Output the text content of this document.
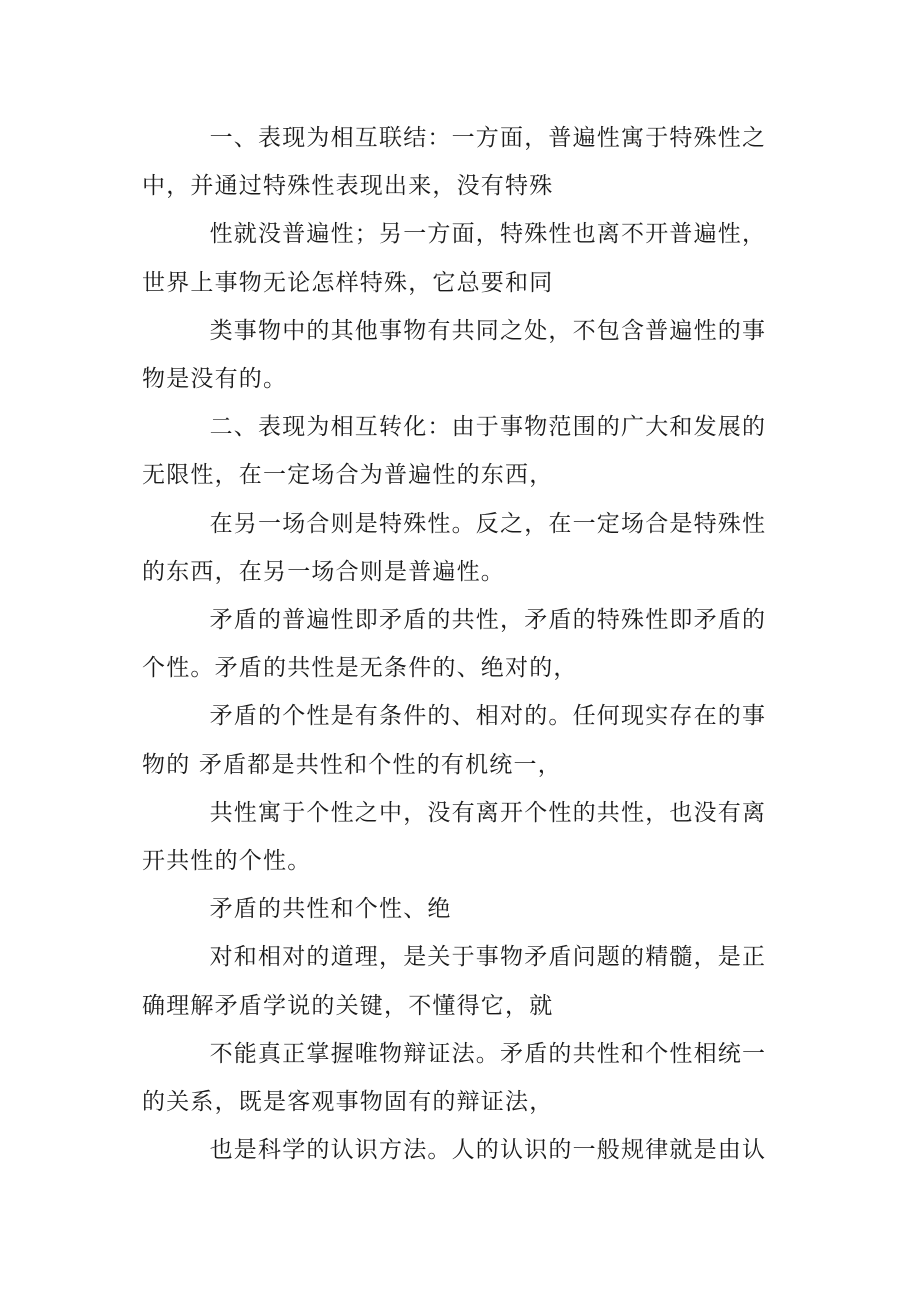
一、表现为相互联结：一方面，普遍性寓于特殊性之中，并通过特殊性表现出来，没有特殊

性就没普遍性；另一方面，特殊性也离不开普遍性，世界上事物无论怎样特殊，它总要和同

类事物中的其他事物有共同之处，不包含普遍性的事物是没有的。

二、表现为相互转化：由于事物范围的广大和发展的无限性，在一定场合为普遍性的东西，

在另一场合则是特殊性。反之，在一定场合是特殊性的东西，在另一场合则是普遍性。

矛盾的普遍性即矛盾的共性，矛盾的特殊性即矛盾的个性。矛盾的共性是无条件的、绝对的，

矛盾的个性是有条件的、相对的。任何现实存在的事物的 矛盾都是共性和个性的有机统一，

共性寓于个性之中，没有离开个性的共性，也没有离开共性的个性。

矛盾的共性和个性、绝

对和相对的道理，是关于事物矛盾问题的精髓，是正确理解矛盾学说的关键，不懂得它，就

不能真正掌握唯物辩证法。矛盾的共性和个性相统一的关系，既是客观事物固有的辩证法，

也是科学的认识方法。人的认识的一般规律就是由认
